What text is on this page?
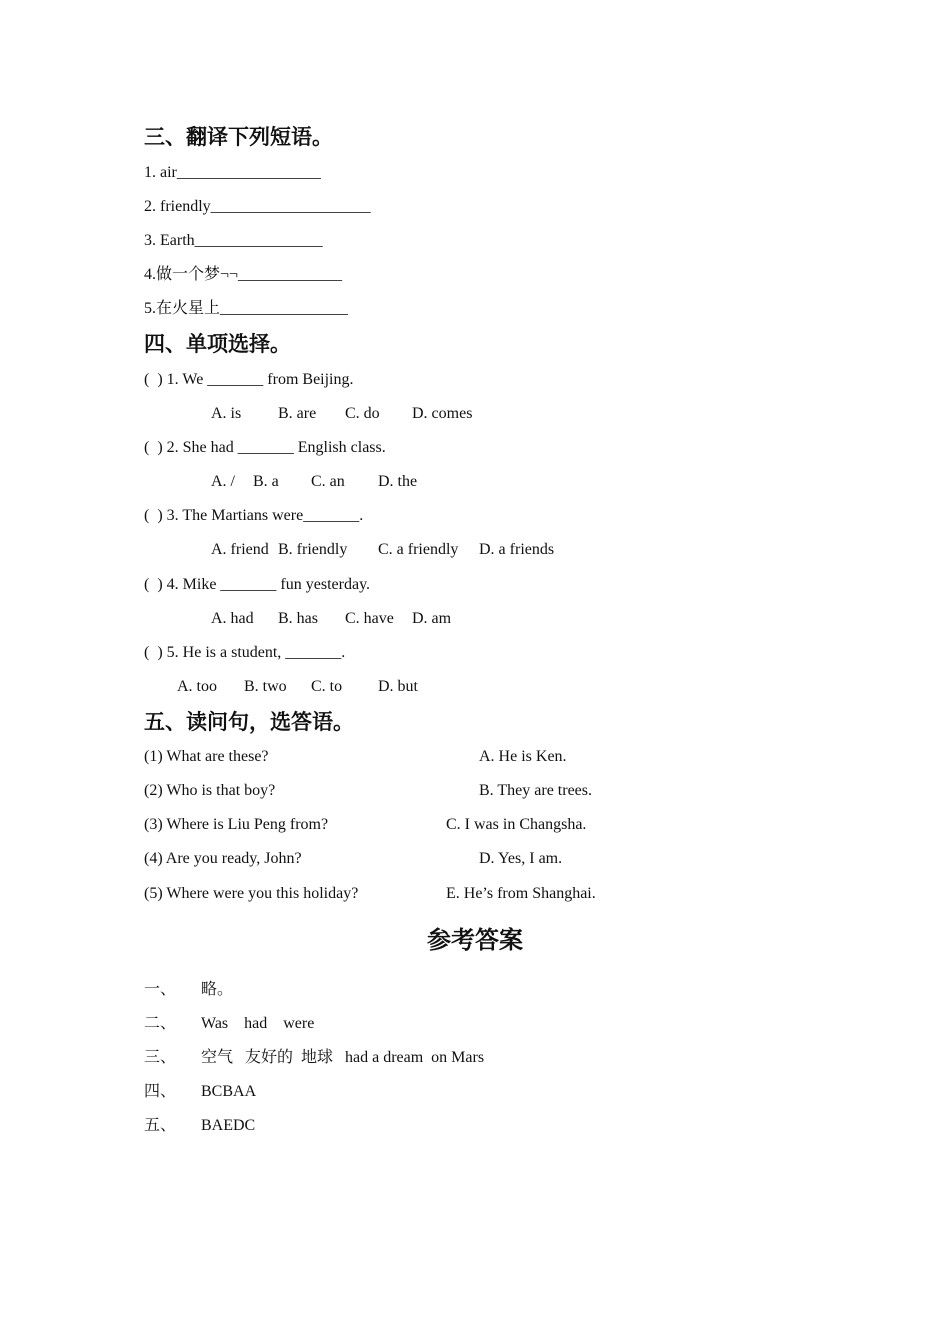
三、翻译下列短语。
1. air__________________
2. friendly____________________
3. Earth________________
4.做一个梦¬¬_____________
5.在火星上________________
四、单项选择。
(  ) 1. We _______ from Beijing.
A. is B. are C. do D. comes
(  ) 2. She had _______ English class.
A. / B. a C. an D. the
(  ) 3. The Martians were_______.
A. friend B. friendly C. a friendly D. a friends
(  ) 4. Mike _______ fun yesterday.
A. had B. has C. have D. am
(  ) 5. He is a student, _______.
A. too B. two C. to D. but
五、读问句，选答语。
(1) What are these?	A. He is Ken.
(2) Who is that boy?	B. They are trees.
(3) Where is Liu Peng from?	C. I was in Changsha.
(4) Are you ready, John?	D. Yes, I am.
(5) Where were you this holiday?	E. He’s from Shanghai.
参考答案
一、 略。
二、 Was    had    were
三、 空气   友好的  地球   had a dream  on Mars
四、 BCBAA
五、 BAEDC
